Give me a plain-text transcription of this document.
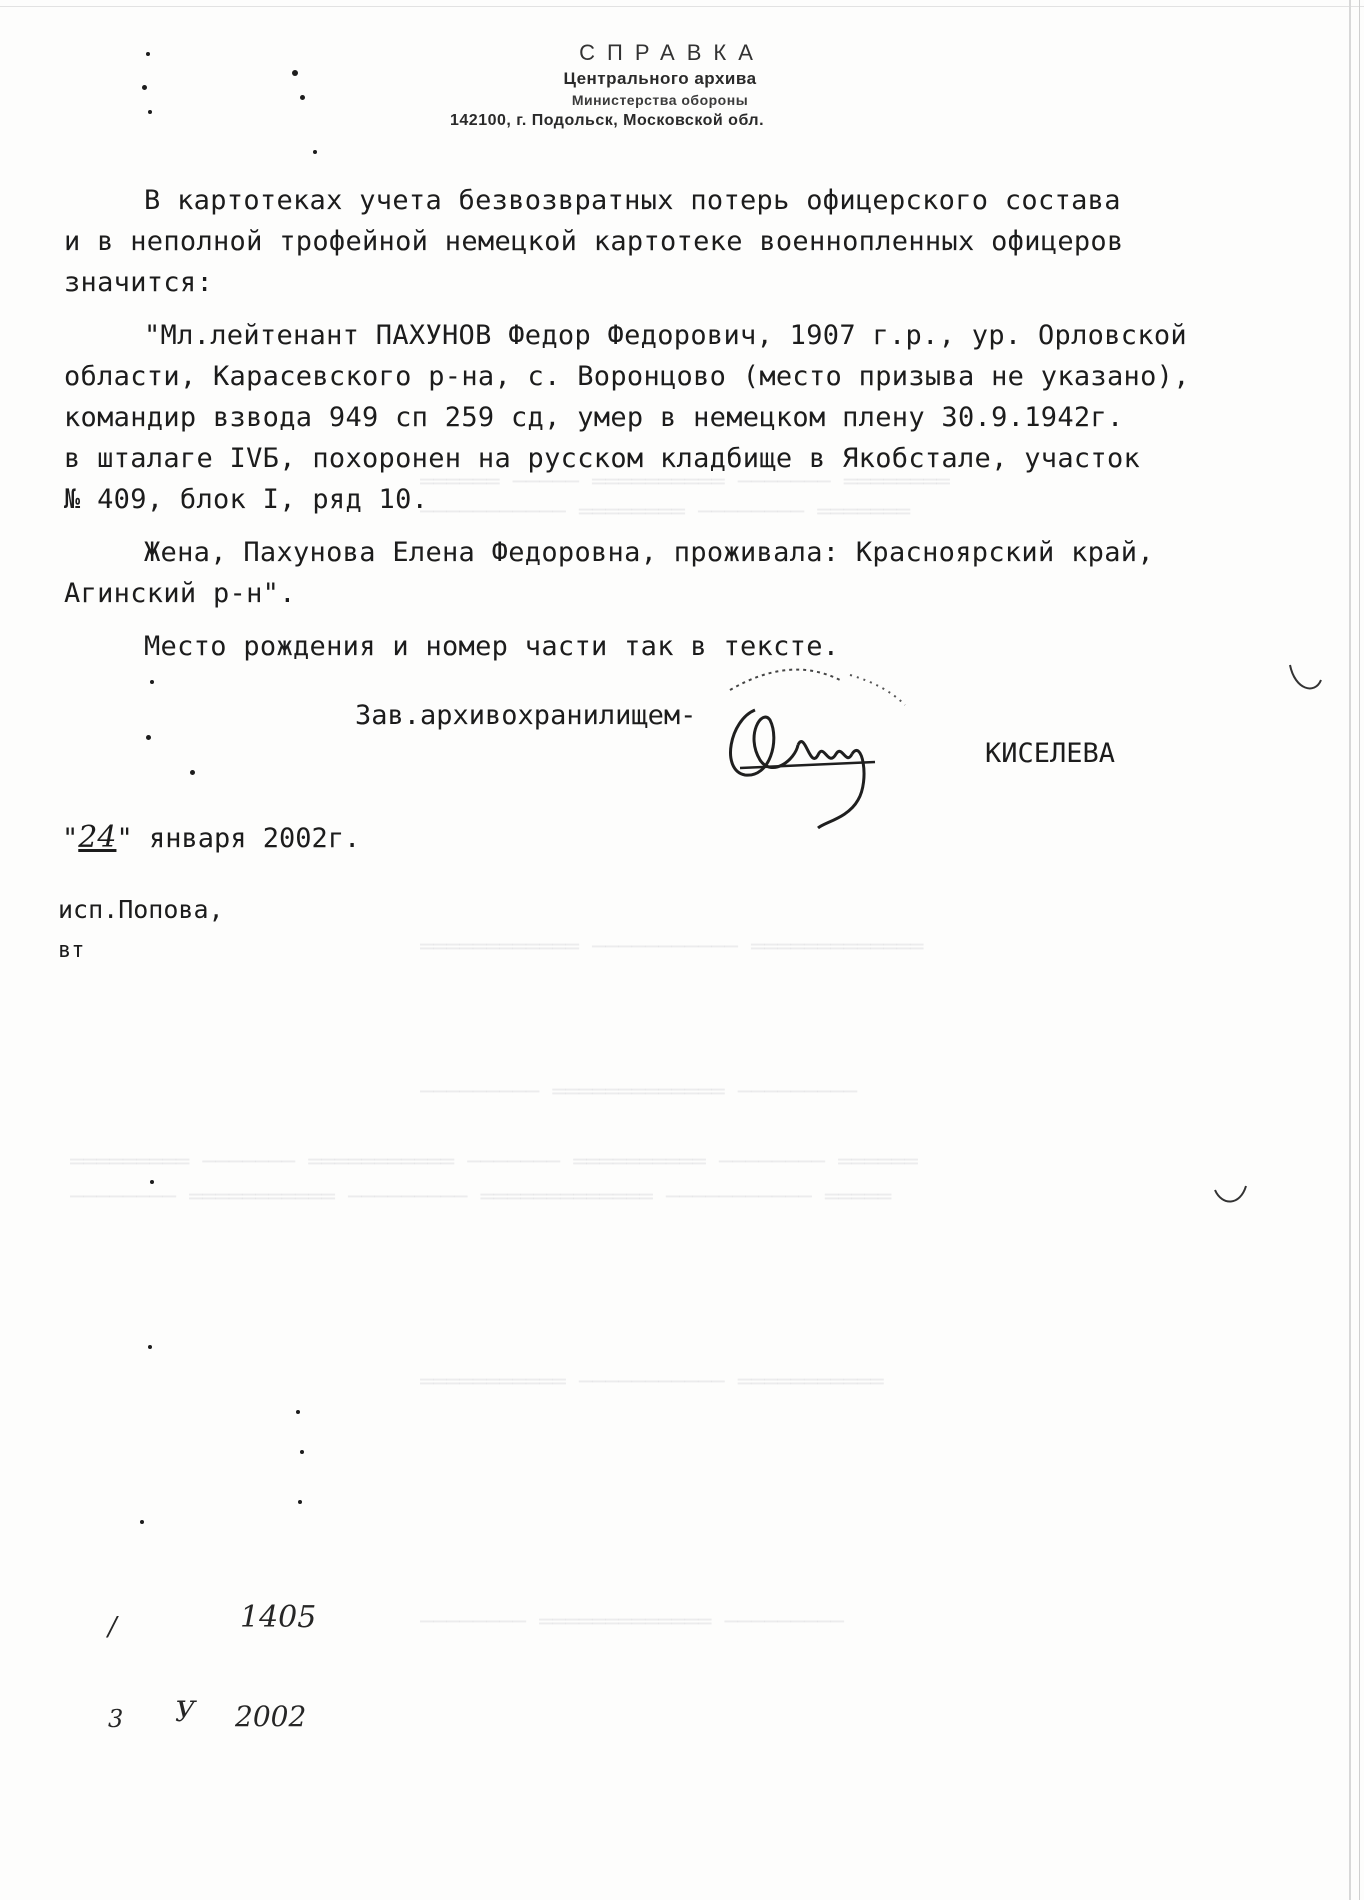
══════ ───── ══════════ ─────── ════════
─────────── ════════ ──────── ═══════
════════════ ─────────── ═════════════
───────── ═════════════ ─────────
═════════ ─────── ═══════════ ─────── ══════════ ──────── ══════
──────── ═══════════ ───────── ═════════════ ─────────── ═════
═══════════ ─────────── ═══════════
──────── ═════════════ ─────────
СПРАВКА
Центрального архива
Министерства обороны
142100, г. Подольск, Московской обл.

В картотеках учета безвозвратных потерь офицерского состава

и в неполной трофейной немецкой картотеке военнопленных офицеров

значится:

"Мл.лейтенант ПАХУНОВ Федор Федорович, 1907 г.р., ур. Орловской

области, Карасевского р-на, с. Воронцово (место призыва не указано),

командир взвода 949 сп 259 сд, умер в немецком плену 30.9.1942г.

в шталаге IVБ, похоронен на русском кладбище в Якобстале, участок

№ 409, блок I, ряд 10.

Жена, Пахунова Елена Федоровна, проживала: Красноярский край,

Агинский р-н".

Место рождения и номер части так в тексте.

Зав.архивохранилищем-
КИСЕЛЕВА
"24" января 2002г.
исп.Попова,
вт
/	1405
3 У 2002
